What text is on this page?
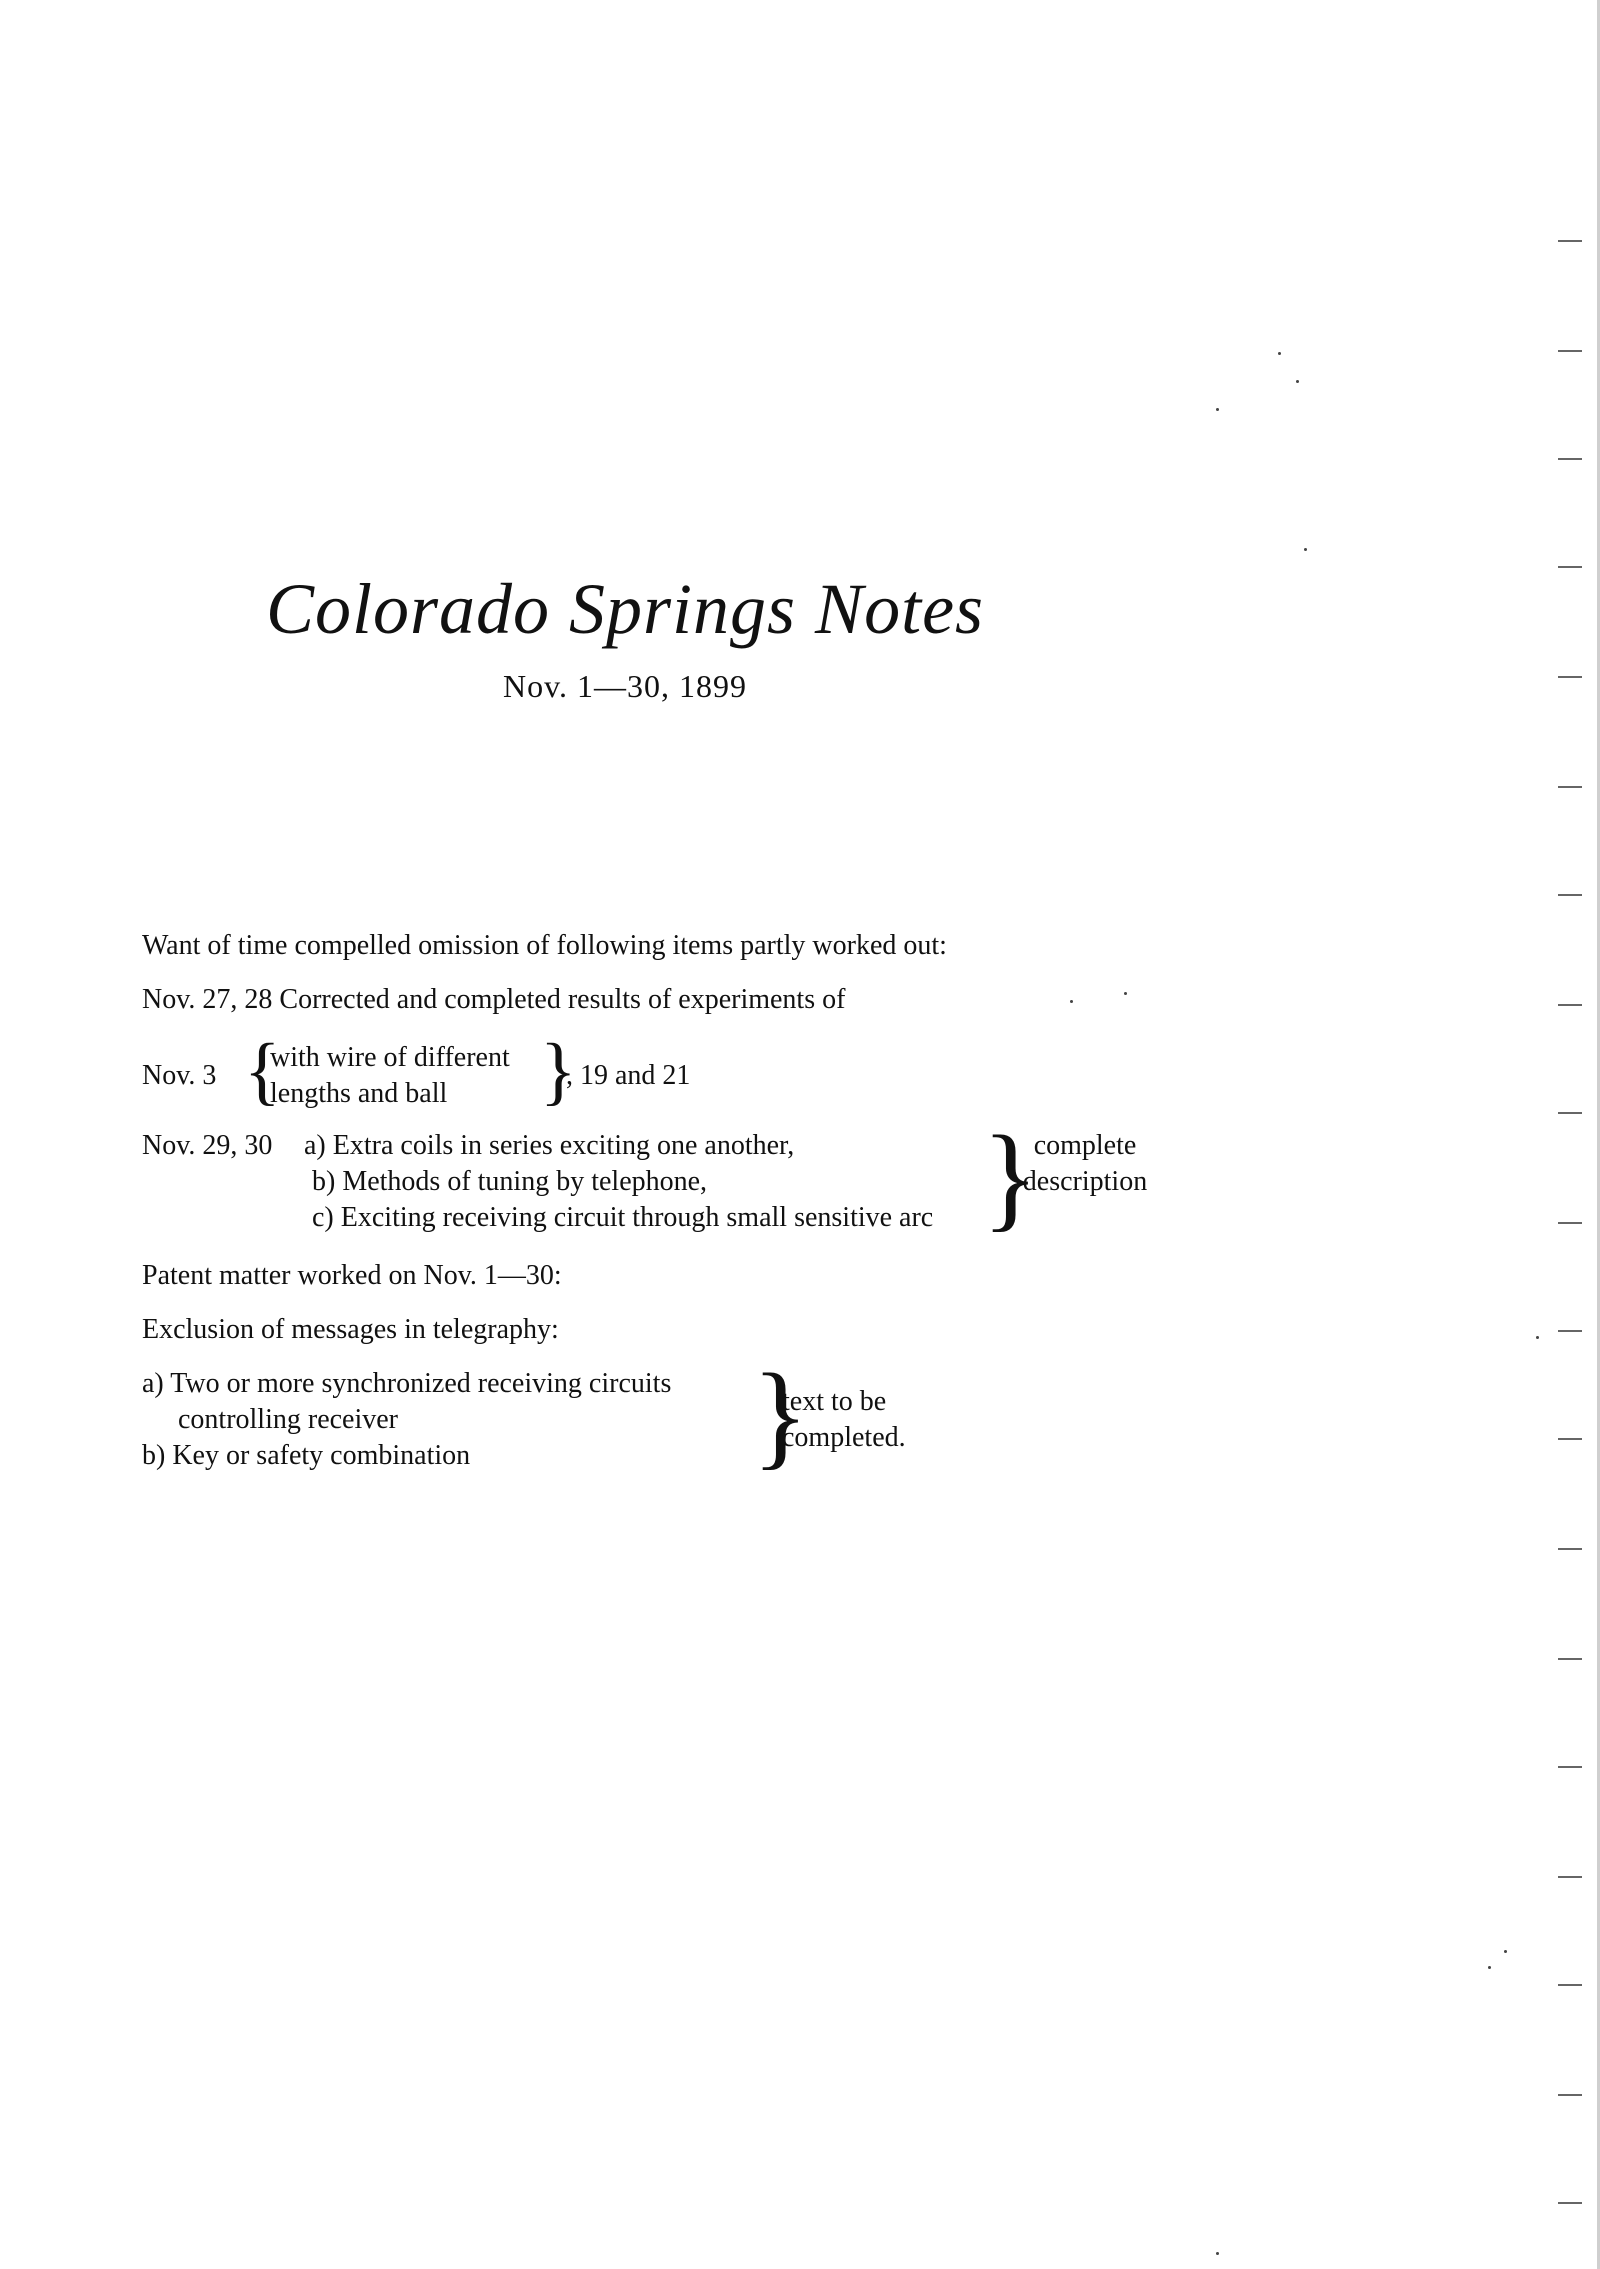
Colorado Springs Notes
Nov. 1—30, 1899
Want of time compelled omission of following items partly worked out:
Nov. 27, 28 Corrected and completed results of experiments of
Nov. 3 {
with wire of different
lengths and ball }
, 19 and 21
Nov. 29, 30 a) Extra coils in series exciting one another,
b) Methods of tuning by telephone,
c) Exciting receiving circuit through small sensitive arc }
complete
description
Patent matter worked on Nov. 1—30:
Exclusion of messages in telegraphy:
a) Two or more synchronized receiving circuits
controlling receiver
b) Key or safety combination }
text to be
completed.
